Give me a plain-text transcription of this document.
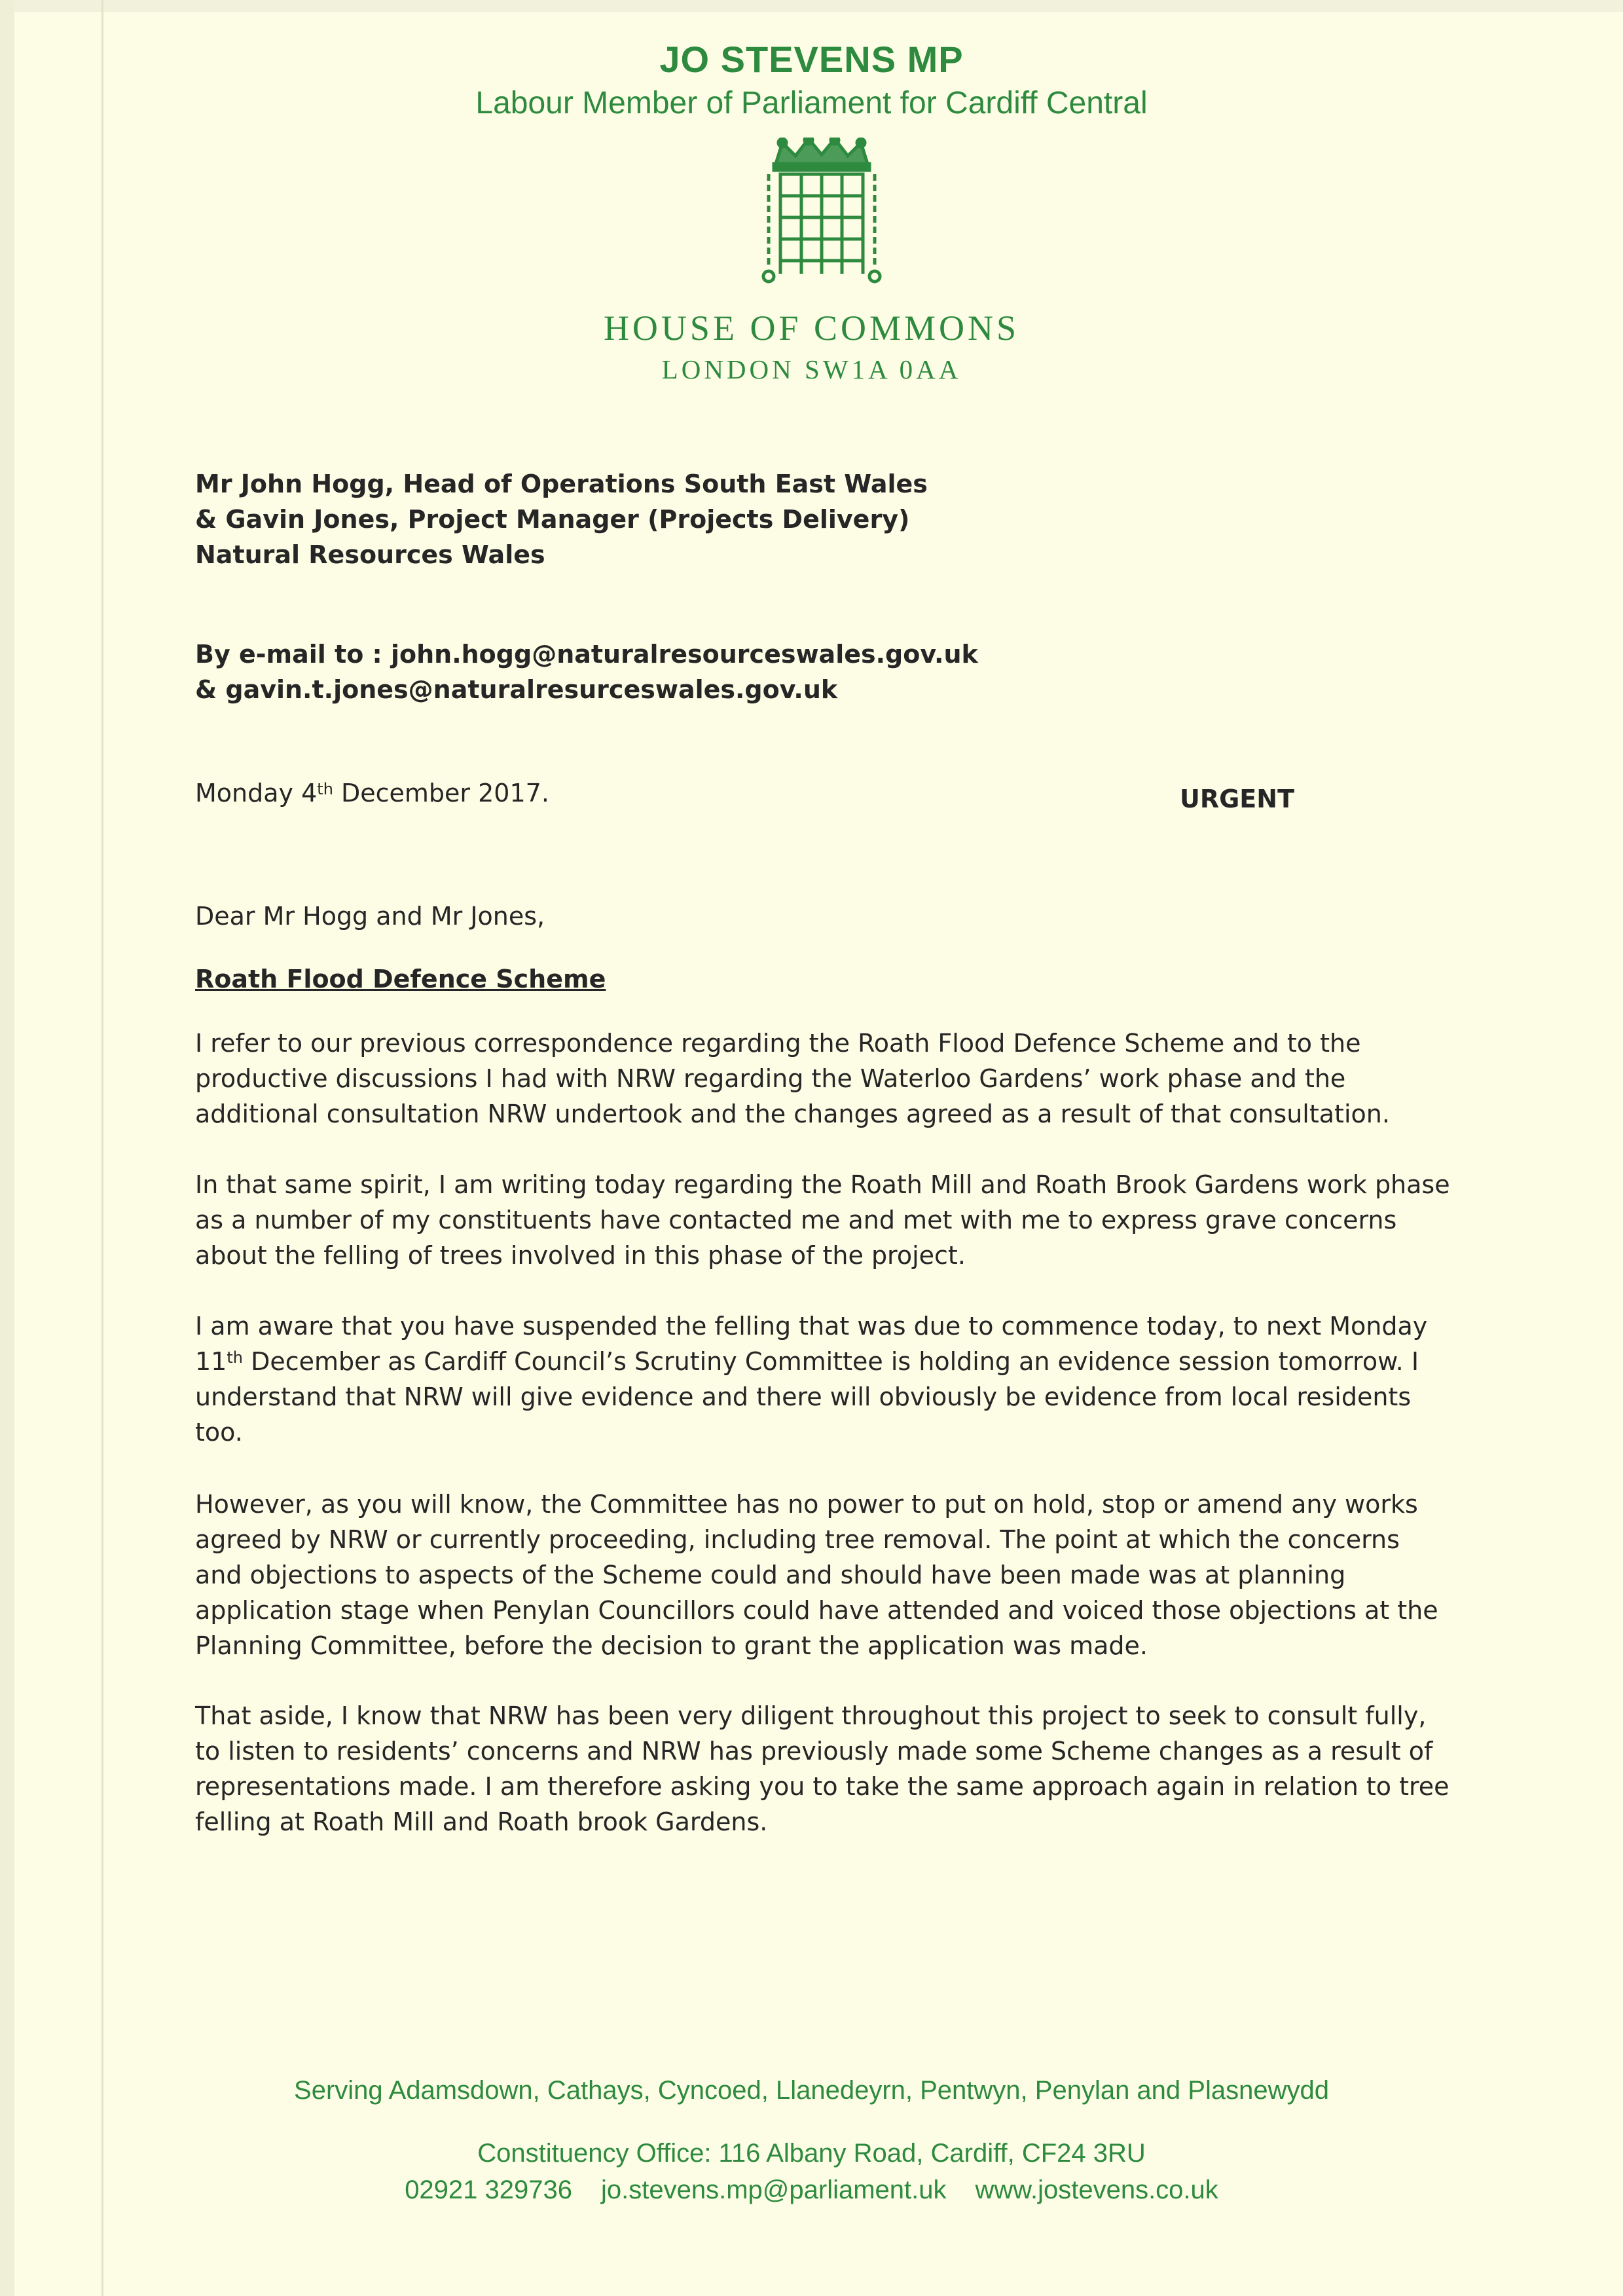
JO STEVENS MP
Labour Member of Parliament for Cardiff Central
HOUSE OF COMMONS
LONDON SW1A 0AA
Mr John Hogg, Head of Operations South East Wales
& Gavin Jones, Project Manager (Projects Delivery)
Natural Resources Wales
By e-mail to : john.hogg@naturalresourceswales.gov.uk
& gavin.t.jones@naturalresurceswales.gov.uk
Monday 4th December 2017.	URGENT
Dear Mr Hogg and Mr Jones,
Roath Flood Defence Scheme
I refer to our previous correspondence regarding the Roath Flood Defence Scheme and to the
productive discussions I had with NRW regarding the Waterloo Gardens’ work phase and the
additional consultation NRW undertook and the changes agreed as a result of that consultation.
In that same spirit, I am writing today regarding the Roath Mill and Roath Brook Gardens work phase
as a number of my constituents have contacted me and met with me to express grave concerns
about the felling of trees involved in this phase of the project.
I am aware that you have suspended the felling that was due to commence today, to next Monday
11th December as Cardiff Council’s Scrutiny Committee is holding an evidence session tomorrow. I
understand that NRW will give evidence and there will obviously be evidence from local residents
too.
However, as you will know, the Committee has no power to put on hold, stop or amend any works
agreed by NRW or currently proceeding, including tree removal. The point at which the concerns
and objections to aspects of the Scheme could and should have been made was at planning
application stage when Penylan Councillors could have attended and voiced those objections at the
Planning Committee, before the decision to grant the application was made.
That aside, I know that NRW has been very diligent throughout this project to seek to consult fully,
to listen to residents’ concerns and NRW has previously made some Scheme changes as a result of
representations made. I am therefore asking you to take the same approach again in relation to tree
felling at Roath Mill and Roath brook Gardens.
Serving Adamsdown, Cathays, Cyncoed, Llanedeyrn, Pentwyn, Penylan and Plasnewydd
Constituency Office: 116 Albany Road, Cardiff, CF24 3RU
02921 329736 jo.stevens.mp@parliament.uk www.jostevens.co.uk
